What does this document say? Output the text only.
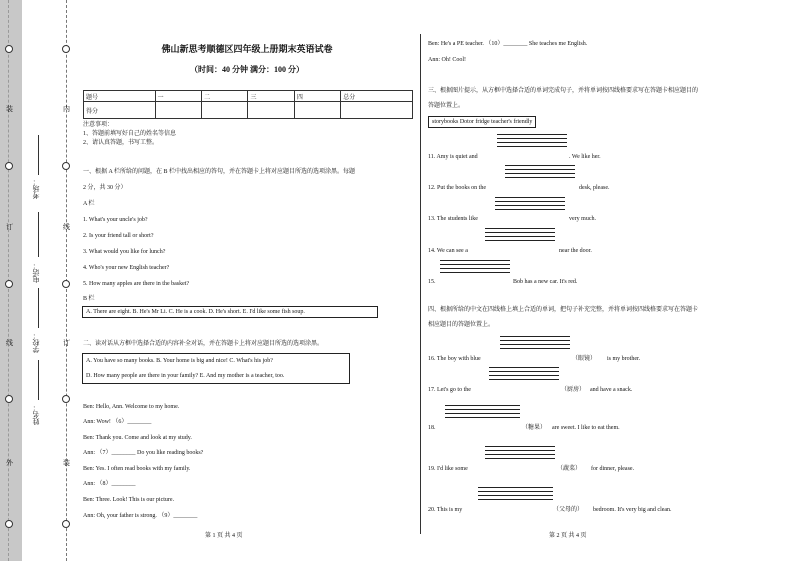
装
订
线
外
内
线
订
装
考场：
电话：
学校：
姓名：
佛山新思考顺德区四年级上册期末英语试卷
（时间：40 分钟 满分：100 分）
题号	一	二	三	四	总分
得分					
注意事项：
1、答题前填写好自己的姓名等信息
2、请认真答题，书写工整。
一、根据 A 栏所给的问题，在 B 栏中找出相应的答句，并在答题卡上将对应题目所选的选项涂黑。每题
2 分，共 30 分）
A 栏
1. What's your uncle's job?
2. Is your friend tall or short?
3. What would you like for lunch?
4. Who's your new English teacher?
5. How many apples are there in the basket?
B 栏
A. There are eight. B. He's Mr Li. C. He is a cook. D. He's short. E. I'd like some fish soup.
二、读对话从方框中选择合适的内容补全对话，并在答题卡上将对应题目所选的选项涂黑。
A. You have so many books. B. Your home is big and nice! C. What's his job?
D. How many people are there in your family? E. And my mother is a teacher, too.
Ben: Hello, Ann. Welcome to my home.
Ann: Wow! （6）________
Ben: Thank you. Come and look at my study.
Ann: （7）________ Do you like reading books?
Ben: Yes. I often read books with my family.
Ann: （8）________
Ben: Three. Look! This is our picture.
Ann: Oh, your father is strong. （9）________
第 1 页 共 4 页
Ben: He's a PE teacher. （10）________ She teaches me English.
Ann: Oh! Cool!
三、根据图片提示，从方框中选择合适的单词完成句子，并将单词按四线格要求写在答题卡相应题目的
答题位置上。
storybooks Dotor fridge teacher's friendly
11. Amy is quiet and	. We like her.
12. Put the books on the	desk, please.
13. The students like	very much.
14. We can see a	near the door.
15.	Bob has a new car. It's red.
四、根据所给的中文在四线格上填上合适的单词，把句子补充完整，并将单词按四线格要求写在答题卡
相应题目的答题位置上。
16. The boy with blue	（眼镜） is my brother.
17. Let's go to the	（厨房） and have a snack.
18.	（糖果） are sweet. I like to eat them.
19. I'd like some	（蔬菜） for dinner, please.
20. This is my	（父母的） bedroom. It's very big and clean.
第 2 页 共 4 页
